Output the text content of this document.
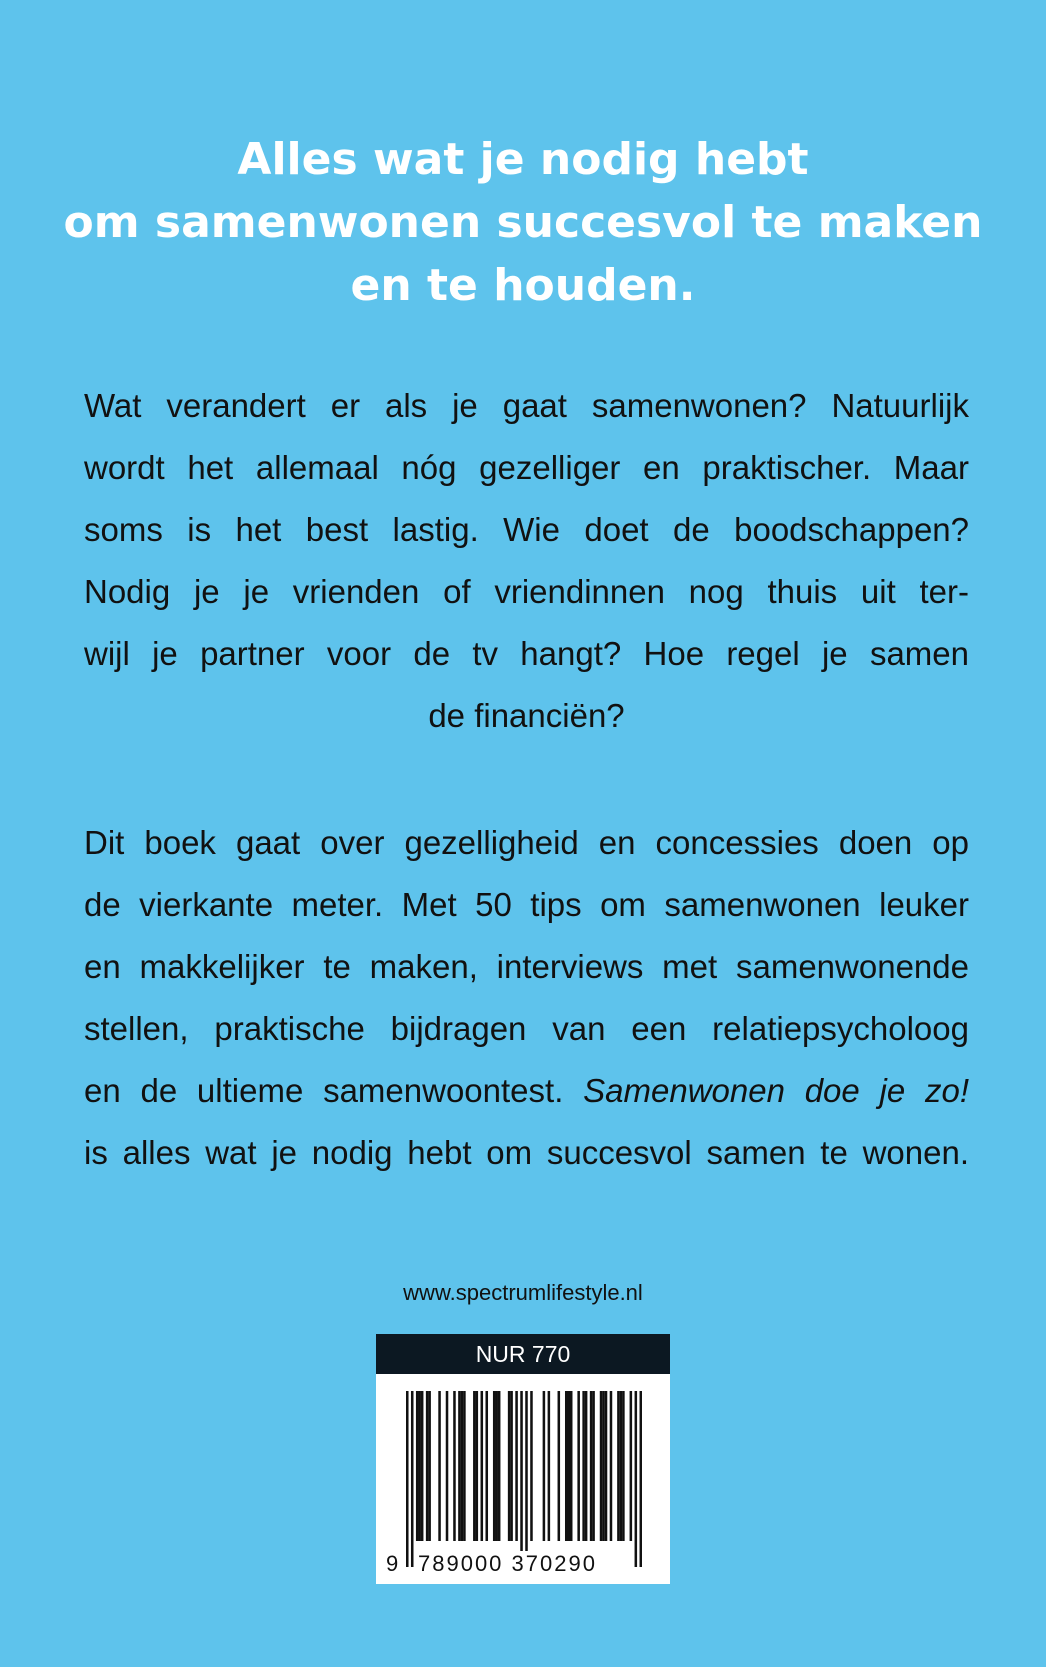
Alles wat je nodig hebt
om samenwonen succesvol te maken
en te houden.
Wat verandert er als je gaat samenwonen? Natuurlijk
wordt het allemaal nóg gezelliger en praktischer. Maar
soms is het best lastig. Wie doet de boodschappen?
Nodig je je vrienden of vriendinnen nog thuis uit ter-
wijl je partner voor de tv hangt? Hoe regel je samen
de financiën?
Dit boek gaat over gezelligheid en concessies doen op
de vierkante meter. Met 50 tips om samenwonen leuker
en makkelijker te maken, interviews met samenwonende
stellen, praktische bijdragen van een relatiepsycholoog
en de ultieme samenwoontest. Samenwonen doe je zo!
is alles wat je nodig hebt om succesvol samen te wonen.
www.spectrumlifestyle.nl
NUR 770
9 789000 370290
